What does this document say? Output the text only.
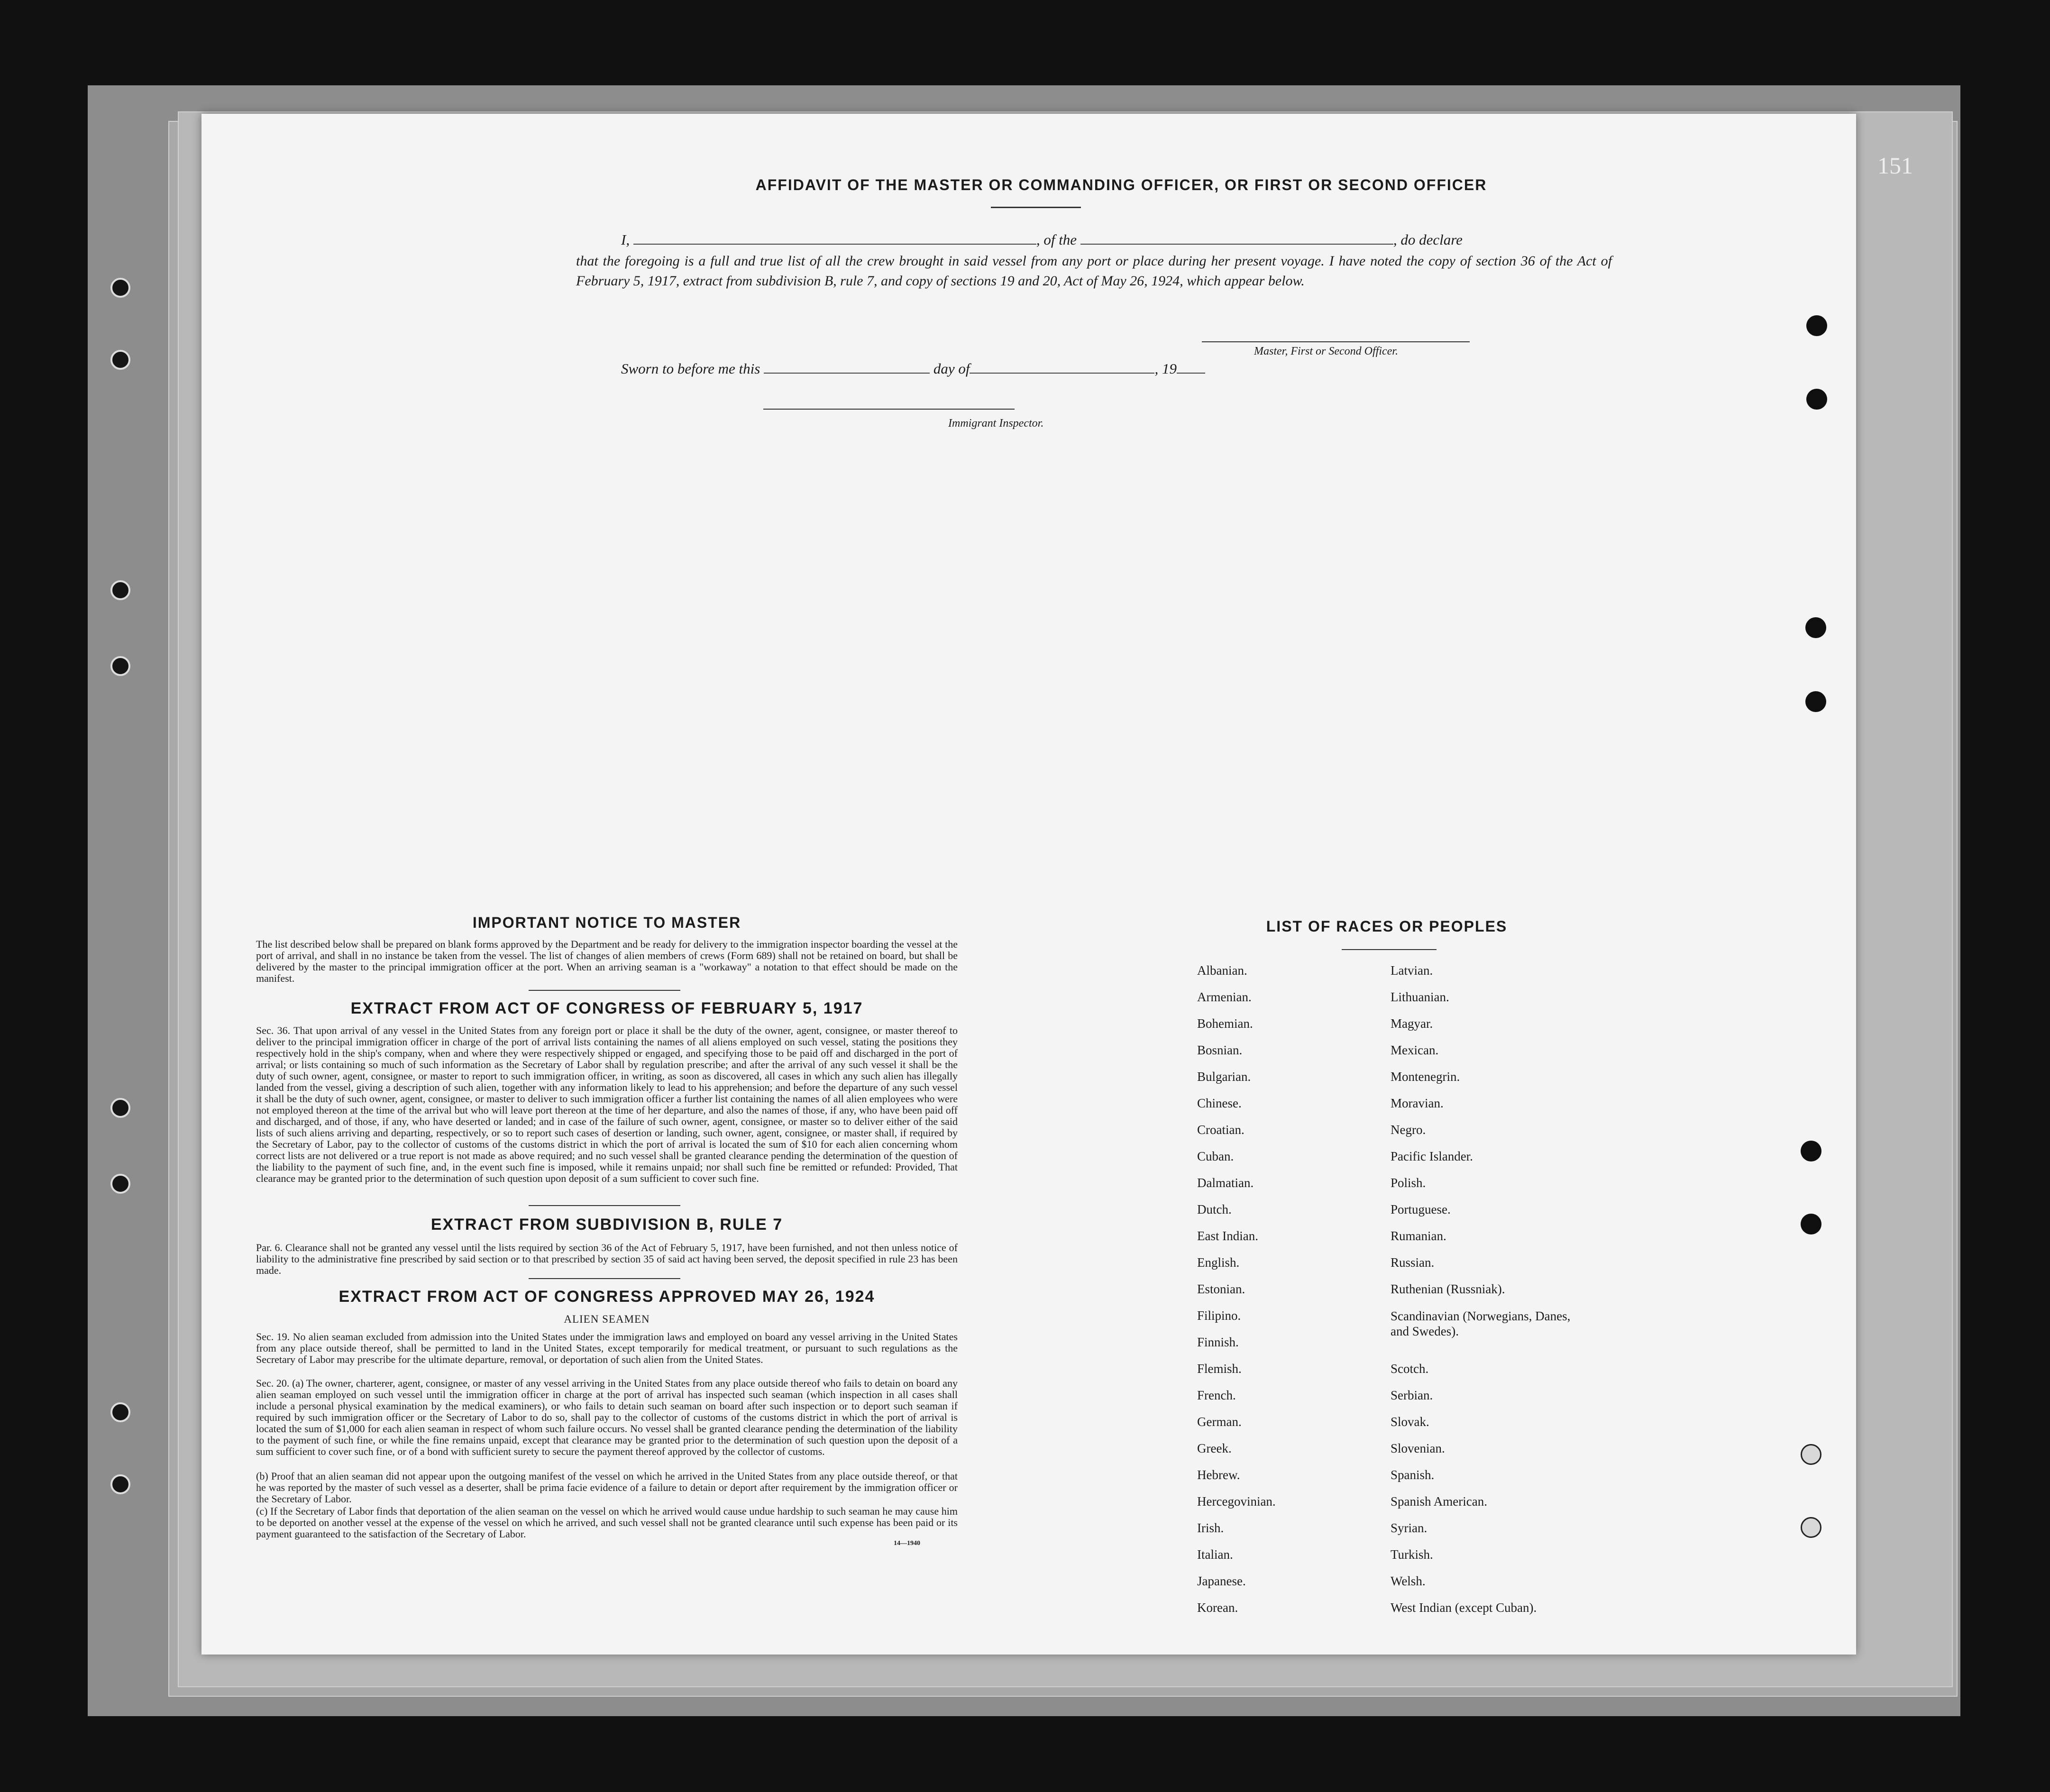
151
AFFIDAVIT OF THE MASTER OR COMMANDING OFFICER, OR FIRST OR SECOND OFFICER
I,	, of the	, do declare
that the foregoing is a full and true list of all the crew brought in said vessel from any port or place during her present voyage. I have noted the copy of section 36 of the Act of February 5, 1917, extract from subdivision B, rule 7, and copy of sections 19 and 20, Act of May 26, 1924, which appear below.
Master, First or Second Officer.
Sworn to before me this	day of	, 19
Immigrant Inspector.
IMPORTANT NOTICE TO MASTER
The list described below shall be prepared on blank forms approved by the Department and be ready for delivery to the immigration inspector boarding the vessel at the port of arrival, and shall in no instance be taken from the vessel. The list of changes of alien members of crews (Form 689) shall not be retained on board, but shall be delivered by the master to the principal immigration officer at the port. When an arriving seaman is a "workaway" a notation to that effect should be made on the manifest.
EXTRACT FROM ACT OF CONGRESS OF FEBRUARY 5, 1917
Sec. 36. That upon arrival of any vessel in the United States from any foreign port or place it shall be the duty of the owner, agent, consignee, or master thereof to deliver to the principal immigration officer in charge of the port of arrival lists containing the names of all aliens employed on such vessel, stating the positions they respectively hold in the ship's company, when and where they were respectively shipped or engaged, and specifying those to be paid off and discharged in the port of arrival; or lists containing so much of such information as the Secretary of Labor shall by regulation prescribe; and after the arrival of any such vessel it shall be the duty of such owner, agent, consignee, or master to report to such immigration officer, in writing, as soon as discovered, all cases in which any such alien has illegally landed from the vessel, giving a description of such alien, together with any information likely to lead to his apprehension; and before the departure of any such vessel it shall be the duty of such owner, agent, consignee, or master to deliver to such immigration officer a further list containing the names of all alien employees who were not employed thereon at the time of the arrival but who will leave port thereon at the time of her departure, and also the names of those, if any, who have been paid off and discharged, and of those, if any, who have deserted or landed; and in case of the failure of such owner, agent, consignee, or master so to deliver either of the said lists of such aliens arriving and departing, respectively, or so to report such cases of desertion or landing, such owner, agent, consignee, or master shall, if required by the Secretary of Labor, pay to the collector of customs of the customs district in which the port of arrival is located the sum of $10 for each alien concerning whom correct lists are not delivered or a true report is not made as above required; and no such vessel shall be granted clearance pending the determination of the question of the liability to the payment of such fine, and, in the event such fine is imposed, while it remains unpaid; nor shall such fine be remitted or refunded: Provided, That clearance may be granted prior to the determination of such question upon deposit of a sum sufficient to cover such fine.
EXTRACT FROM SUBDIVISION B, RULE 7
Par. 6. Clearance shall not be granted any vessel until the lists required by section 36 of the Act of February 5, 1917, have been furnished, and not then unless notice of liability to the administrative fine prescribed by said section or to that prescribed by section 35 of said act having been served, the deposit specified in rule 23 has been made.
EXTRACT FROM ACT OF CONGRESS APPROVED MAY 26, 1924
ALIEN SEAMEN
Sec. 19. No alien seaman excluded from admission into the United States under the immigration laws and employed on board any vessel arriving in the United States from any place outside thereof, shall be permitted to land in the United States, except temporarily for medical treatment, or pursuant to such regulations as the Secretary of Labor may prescribe for the ultimate departure, removal, or deportation of such alien from the United States.
Sec. 20. (a) The owner, charterer, agent, consignee, or master of any vessel arriving in the United States from any place outside thereof who fails to detain on board any alien seaman employed on such vessel until the immigration officer in charge at the port of arrival has inspected such seaman (which inspection in all cases shall include a personal physical examination by the medical examiners), or who fails to detain such seaman on board after such inspection or to deport such seaman if required by such immigration officer or the Secretary of Labor to do so, shall pay to the collector of customs of the customs district in which the port of arrival is located the sum of $1,000 for each alien seaman in respect of whom such failure occurs. No vessel shall be granted clearance pending the determination of the liability to the payment of such fine, or while the fine remains unpaid, except that clearance may be granted prior to the determination of such question upon the deposit of a sum sufficient to cover such fine, or of a bond with sufficient surety to secure the payment thereof approved by the collector of customs.
(b) Proof that an alien seaman did not appear upon the outgoing manifest of the vessel on which he arrived in the United States from any place outside thereof, or that he was reported by the master of such vessel as a deserter, shall be prima facie evidence of a failure to detain or deport after requirement by the immigration officer or the Secretary of Labor.
(c) If the Secretary of Labor finds that deportation of the alien seaman on the vessel on which he arrived would cause undue hardship to such seaman he may cause him to be deported on another vessel at the expense of the vessel on which he arrived, and such vessel shall not be granted clearance until such expense has been paid or its payment guaranteed to the satisfaction of the Secretary of Labor.
14—1940
LIST OF RACES OR PEOPLES
Albanian.
Armenian.
Bohemian.
Bosnian.
Bulgarian.
Chinese.
Croatian.
Cuban.
Dalmatian.
Dutch.
East Indian.
English.
Estonian.
Filipino.
Finnish.
Flemish.
French.
German.
Greek.
Hebrew.
Hercegovinian.
Irish.
Italian.
Japanese.
Korean.
Latvian.
Lithuanian.
Magyar.
Mexican.
Montenegrin.
Moravian.
Negro.
Pacific Islander.
Polish.
Portuguese.
Rumanian.
Russian.
Ruthenian (Russniak).
Scandinavian (Norwegians, Danes, and Swedes).
Scotch.
Serbian.
Slovak.
Slovenian.
Spanish.
Spanish American.
Syrian.
Turkish.
Welsh.
West Indian (except Cuban).
